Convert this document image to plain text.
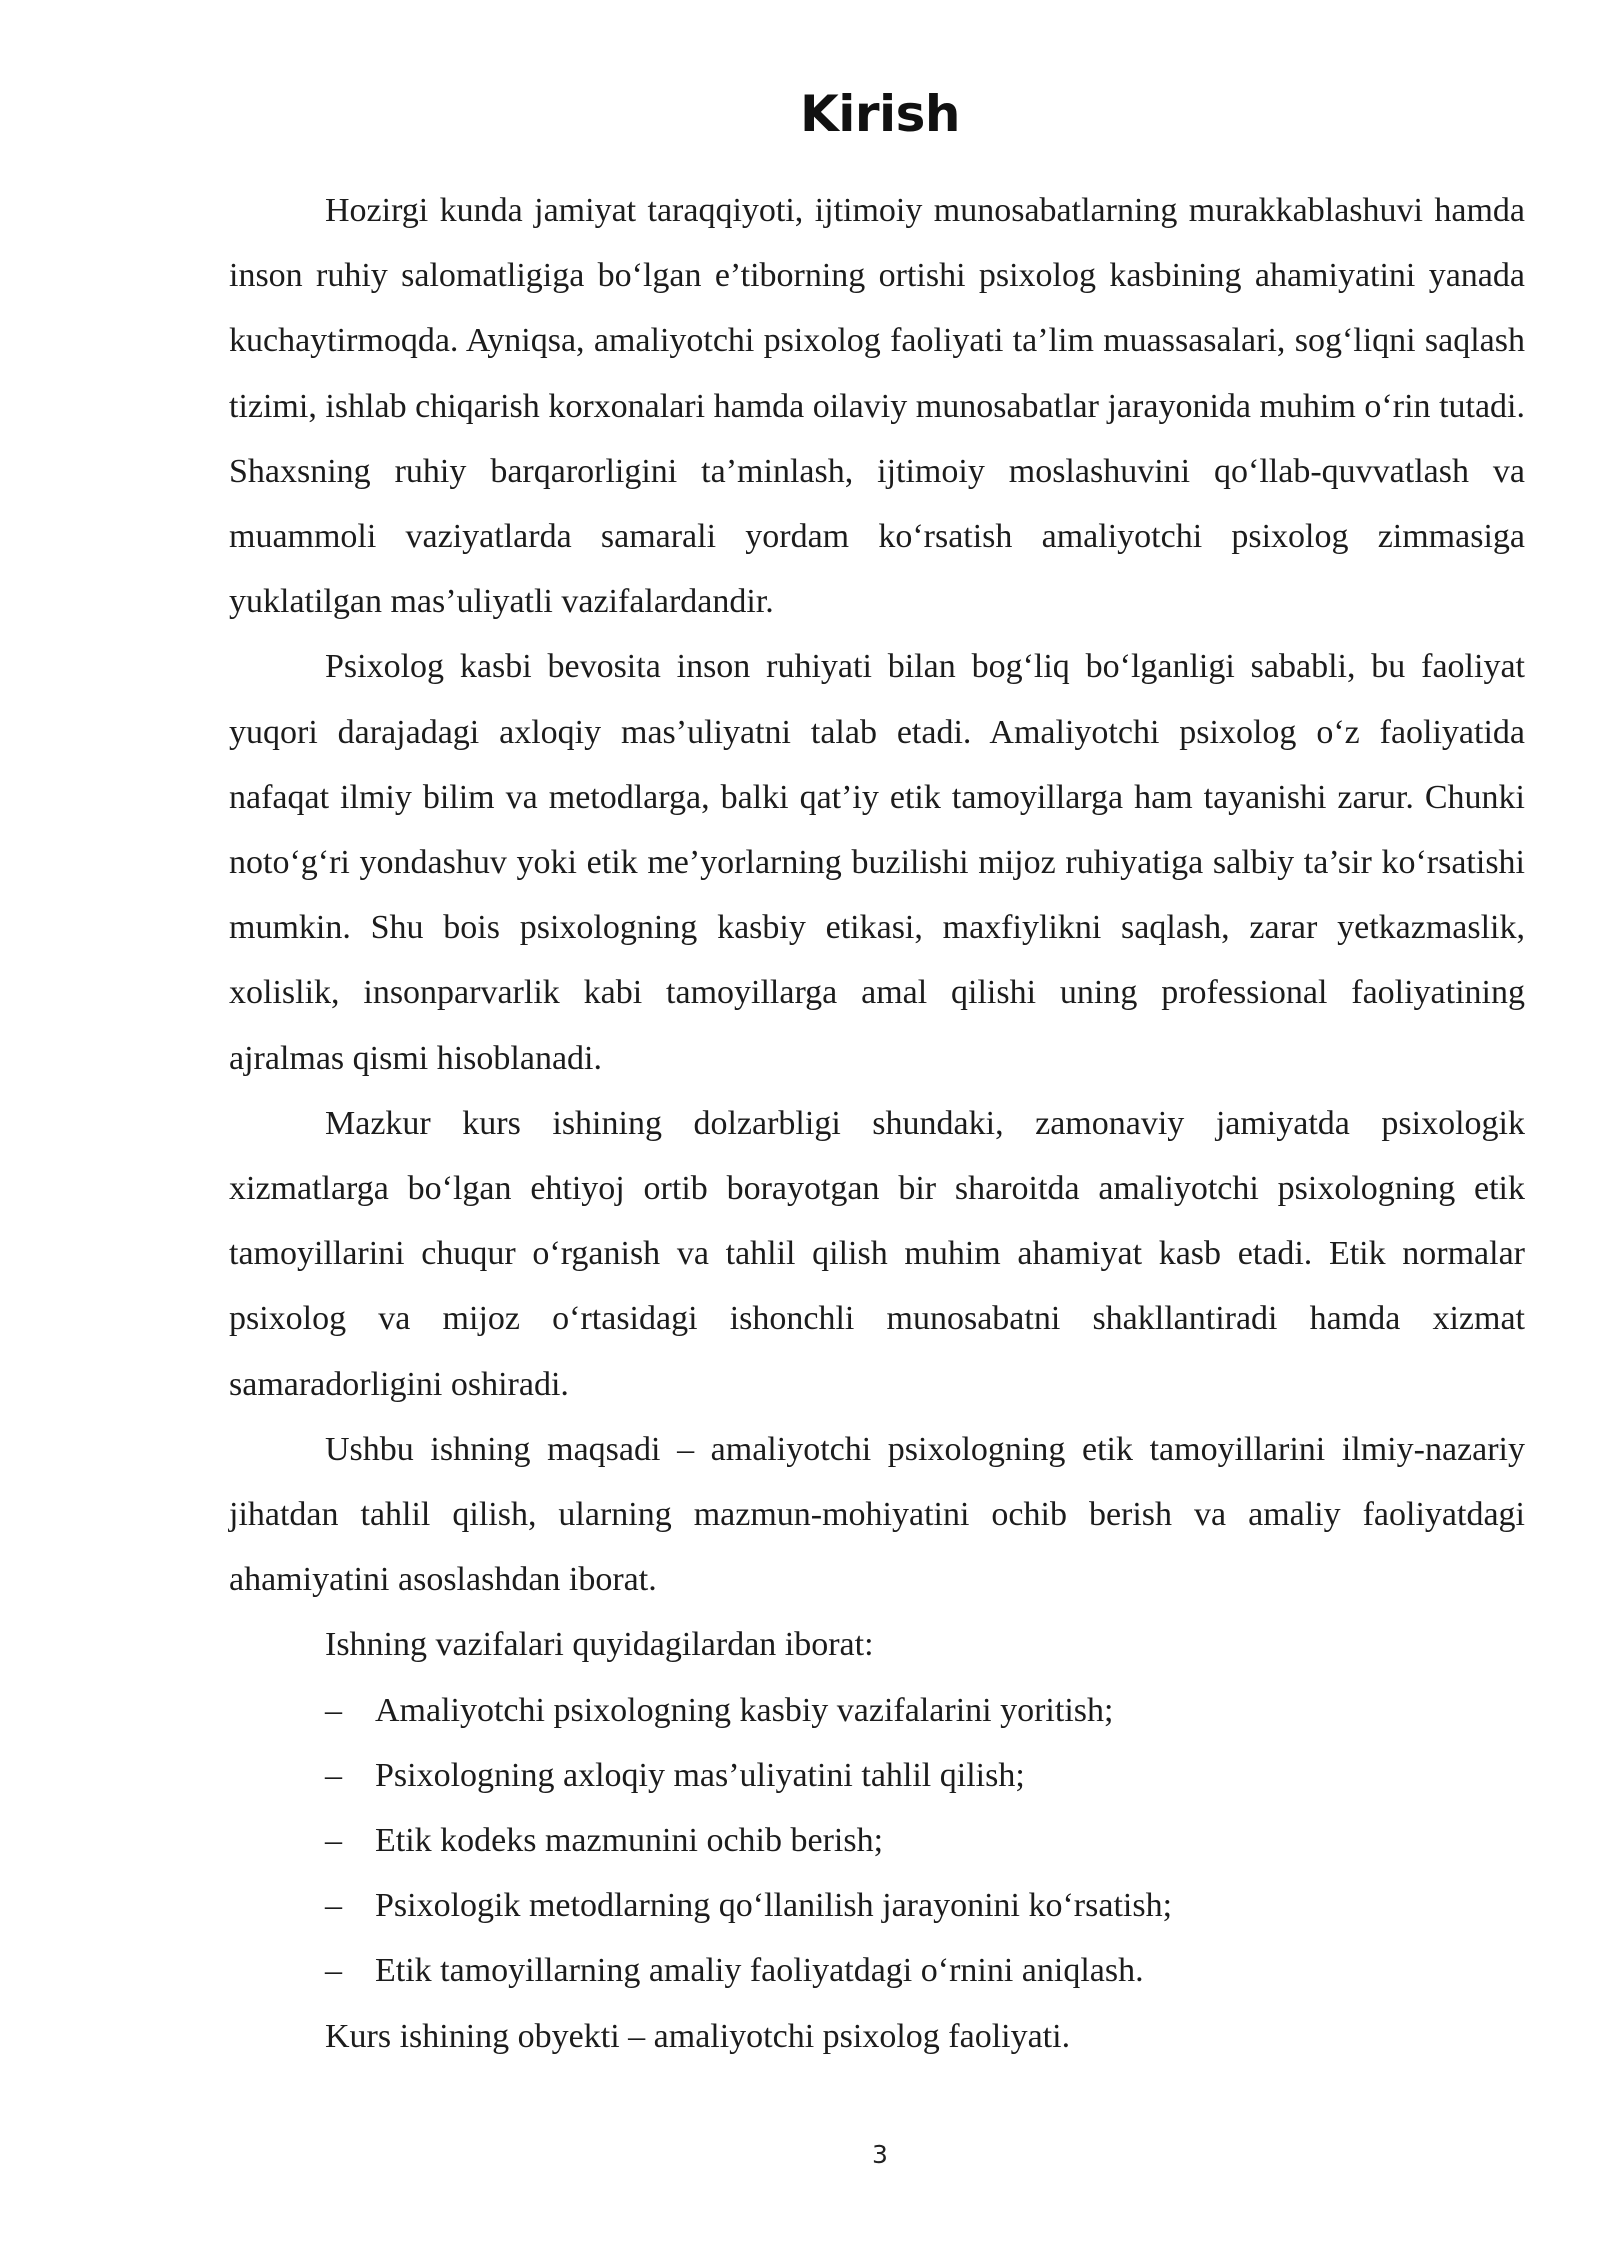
Kirish

Hozirgi kunda jamiyat taraqqiyoti, ijtimoiy munosabatlarning murakkablashuvi hamda inson ruhiy salomatligiga bo‘lgan e’tiborning ortishi psixolog kasbining ahamiyatini yanada kuchaytirmoqda. Ayniqsa, amaliyotchi psixolog faoliyati ta’lim muassasalari, sog‘liqni saqlash tizimi, ishlab chiqarish korxonalari hamda oilaviy munosabatlar jarayonida muhim o‘rin tutadi. Shaxsning ruhiy barqarorligini ta’minlash, ijtimoiy moslashuvini qo‘llab-quvvatlash va muammoli vaziyatlarda samarali yordam ko‘rsatish amaliyotchi psixolog zimmasiga yuklatilgan mas’uliyatli vazifalardandir.

Psixolog kasbi bevosita inson ruhiyati bilan bog‘liq bo‘lganligi sababli, bu faoliyat yuqori darajadagi axloqiy mas’uliyatni talab etadi. Amaliyotchi psixolog o‘z faoliyatida nafaqat ilmiy bilim va metodlarga, balki qat’iy etik tamoyillarga ham tayanishi zarur. Chunki noto‘g‘ri yondashuv yoki etik me’yorlarning buzilishi mijoz ruhiyatiga salbiy ta’sir ko‘rsatishi mumkin. Shu bois psixologning kasbiy etikasi, maxfiylikni saqlash, zarar yetkazmaslik, xolislik, insonparvarlik kabi tamoyillarga amal qilishi uning professional faoliyatining ajralmas qismi hisoblanadi.

Mazkur kurs ishining dolzarbligi shundaki, zamonaviy jamiyatda psixologik xizmatlarga bo‘lgan ehtiyoj ortib borayotgan bir sharoitda amaliyotchi psixologning etik tamoyillarini chuqur o‘rganish va tahlil qilish muhim ahamiyat kasb etadi. Etik normalar psixolog va mijoz o‘rtasidagi ishonchli munosabatni shakllantiradi hamda xizmat samaradorligini oshiradi.

Ushbu ishning maqsadi – amaliyotchi psixologning etik tamoyillarini ilmiy-nazariy jihatdan tahlil qilish, ularning mazmun-mohiyatini ochib berish va amaliy faoliyatdagi ahamiyatini asoslashdan iborat.

Ishning vazifalari quyidagilardan iborat:

– Amaliyotchi psixologning kasbiy vazifalarini yoritish;
– Psixologning axloqiy mas’uliyatini tahlil qilish;
– Etik kodeks mazmunini ochib berish;
– Psixologik metodlarning qo‘llanilish jarayonini ko‘rsatish;
– Etik tamoyillarning amaliy faoliyatdagi o‘rnini aniqlash.

Kurs ishining obyekti – amaliyotchi psixolog faoliyati.

3
